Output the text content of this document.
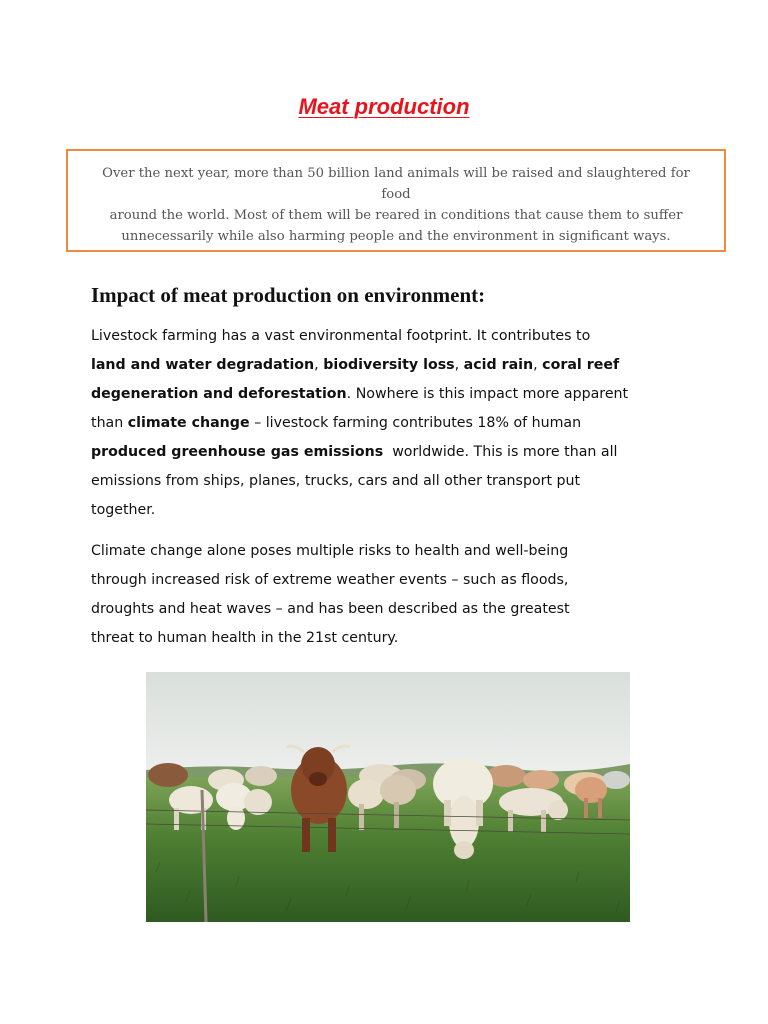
Meat production
Over the next year, more than 50 billion land animals will be raised and slaughtered for food
around the world. Most of them will be reared in conditions that cause them to suffer
unnecessarily while also harming people and the environment in significant ways.
Impact of meat production on environment:
Livestock farming has a vast environmental footprint. It contributes to
land and water degradation, biodiversity loss, acid rain, coral reef
degeneration and deforestation. Nowhere is this impact more apparent
than climate change – livestock farming contributes 18% of human
produced greenhouse gas emissions  worldwide. This is more than all
emissions from ships, planes, trucks, cars and all other transport put
together.
Climate change alone poses multiple risks to health and well-being
through increased risk of extreme weather events – such as floods,
droughts and heat waves – and has been described as the greatest
threat to human health in the 21st century.
